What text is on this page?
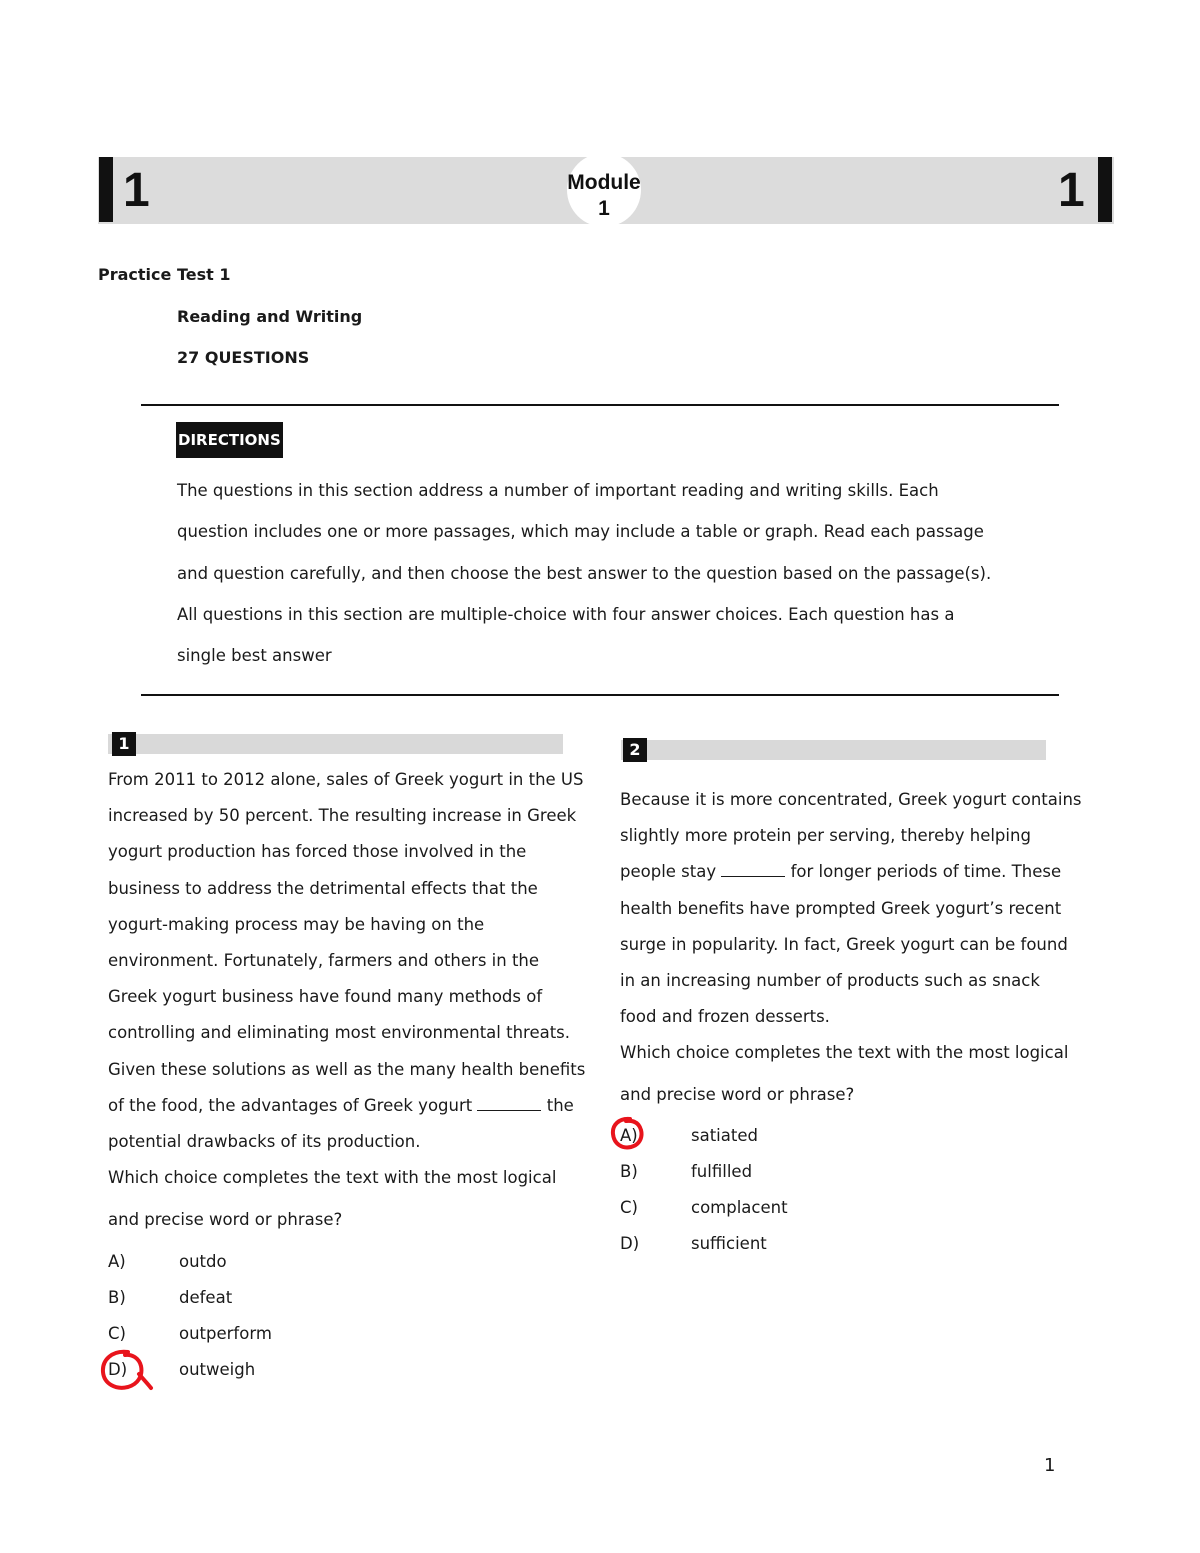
1	1
Module
1
Practice Test 1
Reading and Writing
27 QUESTIONS
DIRECTIONS
The questions in this section address a number of important reading and writing skills. Each
question includes one or more passages, which may include a table or graph. Read each passage
and question carefully, and then choose the best answer to the question based on the passage(s).
All questions in this section are multiple-choice with four answer choices. Each question has a
single best answer
1
From 2011 to 2012 alone, sales of Greek yogurt in the US
increased by 50 percent. The resulting increase in Greek
yogurt production has forced those involved in the
business to address the detrimental effects that the
yogurt-making process may be having on the
environment. Fortunately, farmers and others in the
Greek yogurt business have found many methods of
controlling and eliminating most environmental threats.
Given these solutions as well as the many health benefits
of the food, the advantages of Greek yogurt	the
potential drawbacks of its production.
Which choice completes the text with the most logical
and precise word or phrase?
A)	outdo
B)	defeat
C)	outperform
D)	outweigh
2
Because it is more concentrated, Greek yogurt contains
slightly more protein per serving, thereby helping
people stay	for longer periods of time. These
health benefits have prompted Greek yogurt’s recent
surge in popularity. In fact, Greek yogurt can be found
in an increasing number of products such as snack
food and frozen desserts.
Which choice completes the text with the most logical
and precise word or phrase?
A)	satiated
B)	fulfilled
C)	complacent
D)	sufficient
1
